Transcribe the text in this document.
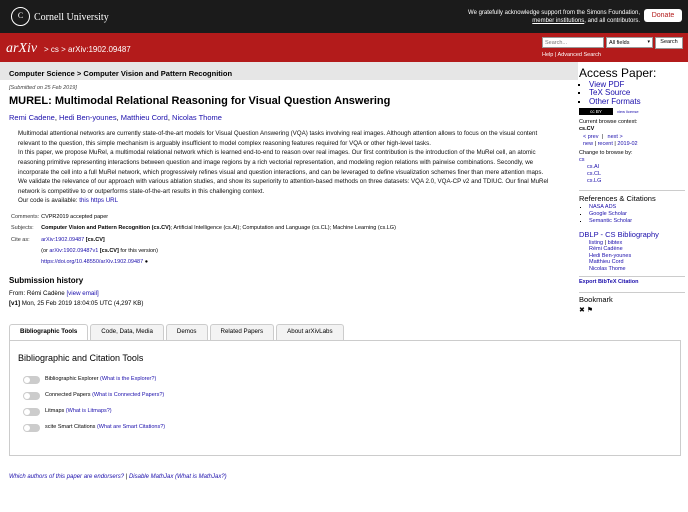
C Cornell University	We gratefully acknowledge support from the Simons Foundation,
member institutions, and all contributors.
Donate
arXiv > cs > arXiv:1902.09487
Search...	All fields	▾	Search
Help | Advanced Search
Computer Science > Computer Vision and Pattern Recognition
[Submitted on 25 Feb 2019]
MUREL: Multimodal Relational Reasoning for Visual Question Answering
Remi Cadene, Hedi Ben-younes, Matthieu Cord, Nicolas Thome
Multimodal attentional networks are currently state-of-the-art models for Visual Question Answering (VQA) tasks involving real images. Although attention allows to focus on the visual content relevant to the question, this simple mechanism is arguably insufficient to model complex reasoning features required for VQA or other high-level tasks.
In this paper, we propose MuRel, a multimodal relational network which is learned end-to-end to reason over real images. Our first contribution is the introduction of the MuRel cell, an atomic reasoning primitive representing interactions between question and image regions by a rich vectorial representation, and modeling region relations with pairwise combinations. Secondly, we incorporate the cell into a full MuRel network, which progressively refines visual and question interactions, and can be leveraged to define visualization schemes finer than mere attention maps.
We validate the relevance of our approach with various ablation studies, and show its superiority to attention-based methods on three datasets: VQA 2.0, VQA-CP v2 and TDIUC. Our final MuRel network is competitive to or outperforms state-of-the-art results in this challenging context.
Our code is available: this https URL
Comments:	CVPR2019 accepted paper
Subjects:	Computer Vision and Pattern Recognition (cs.CV); Artificial Intelligence (cs.AI); Computation and Language (cs.CL); Machine Learning (cs.LG)
Cite as:	arXiv:1902.09487 [cs.CV]
	(or arXiv:1902.09487v1 [cs.CV] for this version)
	https://doi.org/10.48550/arXiv.1902.09487 ●
Submission history
From: Rémi Cadène [view email]
[v1] Mon, 25 Feb 2019 18:04:05 UTC (4,297 KB)
Bibliographic Tools	Code, Data, Media	Demos	Related Papers	About arXivLabs
Bibliographic and Citation Tools
Bibliographic Explorer
(What is the Explorer?)
Connected Papers
(What is Connected Papers?)
Litmaps
(What is Litmaps?)
scite Smart Citations
(What are Smart Citations?)
Which authors of this paper are endorsers? | Disable MathJax (What is MathJax?)
Access Paper:
▪ View PDF
▪ TeX Source
▪ Other Formats
cc BY	view license
Current browse context:
cs.CV
< prev  |   next >
new | recent | 2019-02
Change to browse by:
cs
cs.AI
cs.CL
cs.LG
References & Citations
▪ NASA ADS
▪ Google Scholar
▪ Semantic Scholar
DBLP - CS Bibliography
listing | bibtex
Rémi Cadène
Hedi Ben-younes
Matthieu Cord
Nicolas Thome
Export BibTeX Citation
Bookmark
✖ ⚑
